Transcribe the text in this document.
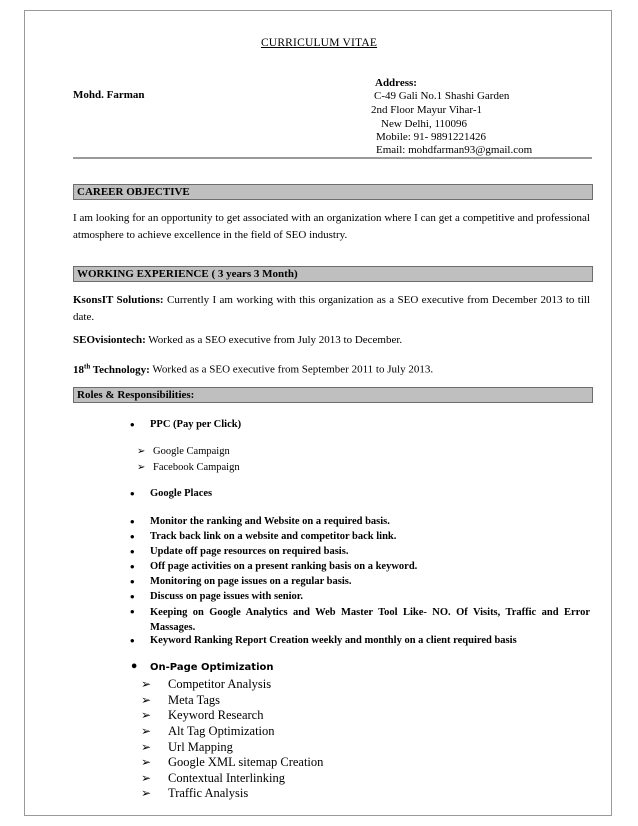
CURRICULUM VITAE
Mohd. Farman
Address:
C-49 Gali No.1 Shashi Garden
2nd Floor Mayur Vihar-1
New Delhi, 110096
Mobile: 91- 9891221426
Email: mohdfarman93@gmail.com
CAREER OBJECTIVE
I am looking for an opportunity to get associated with an organization where I can get a competitive and professional atmosphere to achieve excellence in the field of SEO industry.
WORKING EXPERIENCE ( 3 years 3 Month)
KsonsIT Solutions: Currently I am working with this organization as a SEO executive from December 2013 to till date.
SEOvisiontech: Worked as a SEO executive from July 2013 to December.
18th Technology: Worked as a SEO executive from September 2011 to July 2013.
Roles & Responsibilities:
• PPC (Pay per Click)
➢ Google Campaign
➢ Facebook Campaign
• Google Places
• Monitor the ranking and Website on a required basis.
• Track back link on a website and competitor back link.
• Update off page resources on required basis.
• Off page activities on a present ranking basis on a keyword.
• Monitoring on page issues on a regular basis.
• Discuss on page issues with senior.
• Keeping on Google Analytics and Web Master Tool Like- NO. Of Visits, Traffic and Error Massages.
• Keyword Ranking Report Creation weekly and monthly on a client required basis
• On-Page Optimization
➢ Competitor Analysis
➢ Meta Tags
➢ Keyword Research
➢ Alt Tag Optimization
➢ Url Mapping
➢ Google XML sitemap Creation
➢ Contextual Interlinking
➢ Traffic Analysis
